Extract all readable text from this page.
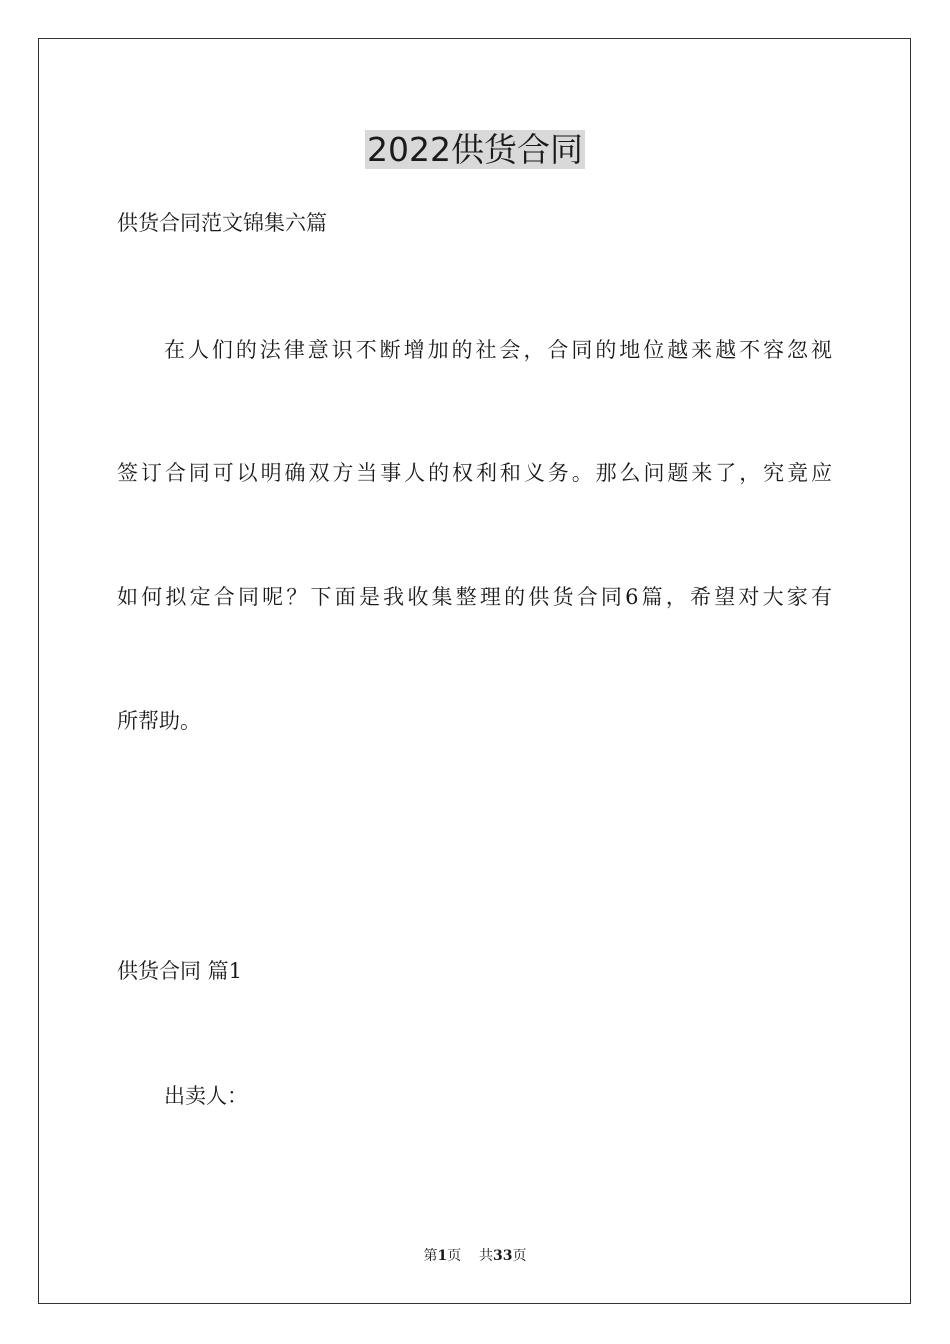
2022供货合同
供货合同范文锦集六篇
在人们的法律意识不断增加的社会，合同的地位越来越不容忽视
签订合同可以明确双方当事人的权利和义务。那么问题来了，究竟应
如何拟定合同呢？下面是我收集整理的供货合同6篇，希望对大家有
所帮助。
供货合同 篇1
出卖人：
第1页    共33页
